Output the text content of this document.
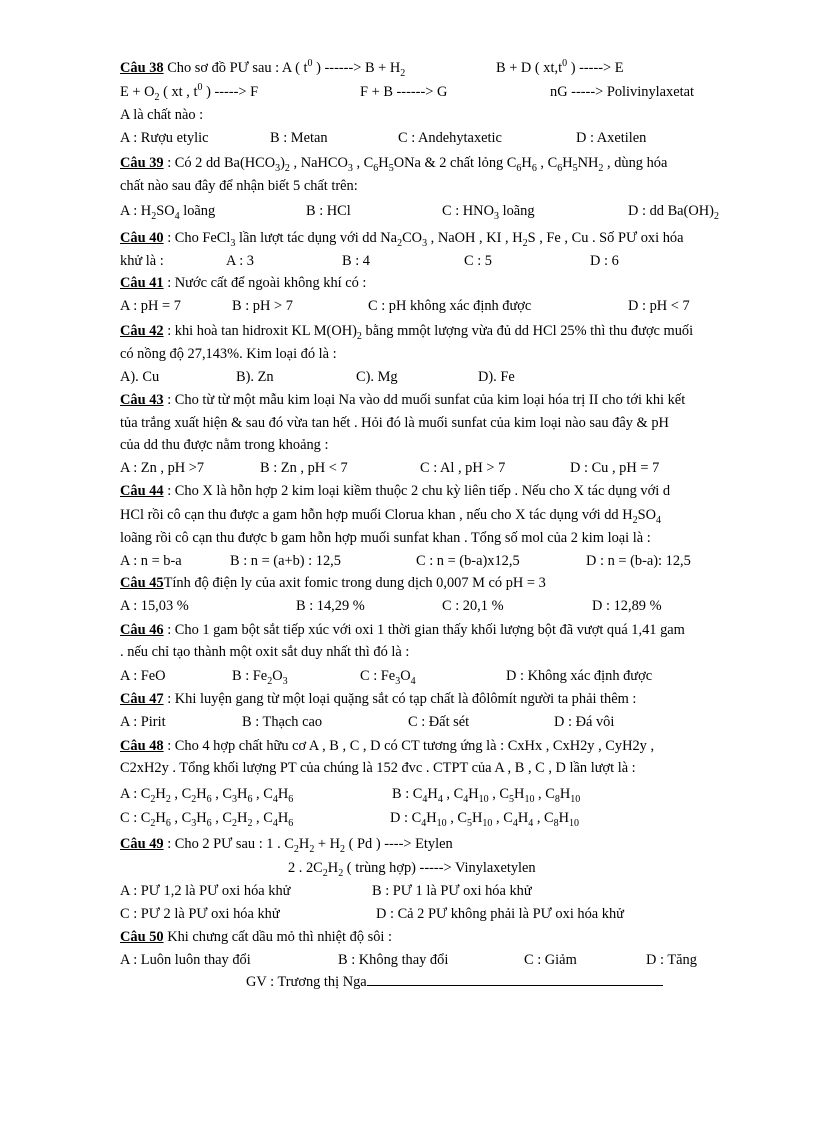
Câu 38 Cho sơ đồ PƯ sau : A ( $t^0$ ) ------> $B + H_2$	B + D ( $xt,t^0$ ) -----> E
$E + O_2$ ( xt , $t^0$ ) -----> F	F + B ------> G	nG -----> Polivinylaxetat
A là chất nào :
A : Rượu etylic	B : Metan	C : Andehytaxetic	D : Axetilen
Câu 39 : Có 2 dd $Ba(HCO_3)_2$ , NaHCO$_3$ , $C_6H_5ONa$ & 2 chất lỏng $C_6H_6$ , $C_6H_5NH_2$ , dùng hóa
chất nào sau đây để nhận biết 5 chất trên:
A : $H_2SO_4$ loãng	B : HCl	C : $HNO_3$ loãng	D : dd $Ba(OH)_2$
Câu 40 : Cho FeCl$_3$ lần lượt tác dụng với dd $Na_2CO_3$ , NaOH , KI , $H_2S$ , Fe , Cu . Số PƯ oxi hóa
khử là :	A : 3	B : 4	C : 5	D : 6
Câu 41 : Nước cất để ngoài không khí có :
A : pH = 7	B : pH > 7	C : pH không xác định được	D : pH < 7
Câu 42 : khi hoà tan hidroxit KL $M(OH)_2$ bằng mmột lượng vừa đủ dd HCl 25% thì thu được muối
có nồng độ 27,143%. Kim loại đó là :
A). Cu	B). Zn	C). Mg	D). Fe
Câu 43 : Cho từ từ một mẫu kim loại Na vào dd muối sunfat của kim loại hóa trị II cho tới khi kết
tủa trắng xuất hiện & sau đó vừa tan hết . Hỏi đó là muối sunfat của kim loại nào sau đây & pH
của dd thu được nằm trong khoảng :
A : Zn , pH >7	B : Zn , pH < 7	C : Al , pH > 7	D : Cu , pH = 7
Câu 44 : Cho X là hỗn hợp 2 kim loại kiềm thuộc 2 chu kỳ liên tiếp . Nếu cho X tác dụng với d
HCl rồi cô cạn thu được a gam hỗn hợp muối Clorua khan , nếu cho X tác dụng với dd $H_2SO_4$
loãng rồi cô cạn thu được b gam hỗn hợp muối sunfat khan . Tổng số mol của 2 kim loại là :
A : n = b-a	B : n = (a+b) : 12,5	C : n = (b-a)x12,5	D : n = (b-a): 12,5
Câu 45Tính độ điện ly của axit fomic trong dung dịch 0,007 M có pH = 3
A : 15,03 %	B : 14,29 %	C : 20,1 %	D : 12,89 %
Câu 46 : Cho 1 gam bột sắt tiếp xúc với oxi 1 thời gian thấy khối lượng bột đã vượt quá 1,41 gam
. nếu chỉ tạo thành một oxit sắt duy nhất thì đó là :
A : FeO	B : $Fe_2O_3$	C : $Fe_3O_4$	D : Không xác định được
Câu 47 : Khi luyện gang từ một loại quặng sắt có tạp chất là đôlômít người ta phải thêm :
A : Pirit	B : Thạch cao	C : Đất sét	D : Đá vôi
Câu 48 : Cho 4 hợp chất hữu cơ A , B , C , D có CT tương ứng là : CxHx , CxH2y , CyH2y ,
C2xH2y . Tổng khối lượng PT của chúng là 152 đvc . CTPT của A , B , C , D lần lượt là :
A : $C_2H_2$ , $C_2H_6$ , $C_3H_6$ , $C_4H_6$	B : $C_4H_4$ , $C_4H_{10}$ , $C_5H_{10}$ , $C_8H_{10}$
C : $C_2H_6$ , $C_3H_6$ , $C_2H_2$ , $C_4H_6$	D : $C_4H_{10}$ , $C_5H_{10}$ , $C_4H_4$ , $C_8H_{10}$
Câu 49 : Cho 2 PƯ sau : 1 . $C_2H_2 + H_2$ ( Pd ) ----> Etylen
2 . $2C_2H_2$ ( trùng hợp) -----> Vinylaxetylen
A : PƯ 1,2 là PƯ oxi hóa khử	B : PƯ 1 là PƯ oxi hóa khử
C : PƯ 2 là PƯ oxi hóa khử	D : Cả 2 PƯ không phải là PƯ oxi hóa khử
Câu 50 Khi chưng cất dầu mỏ thì nhiệt độ sôi :
A : Luôn luôn thay đổi	B : Không thay đổi	C : Giảm	D : Tăng
GV : Trương thị Nga
